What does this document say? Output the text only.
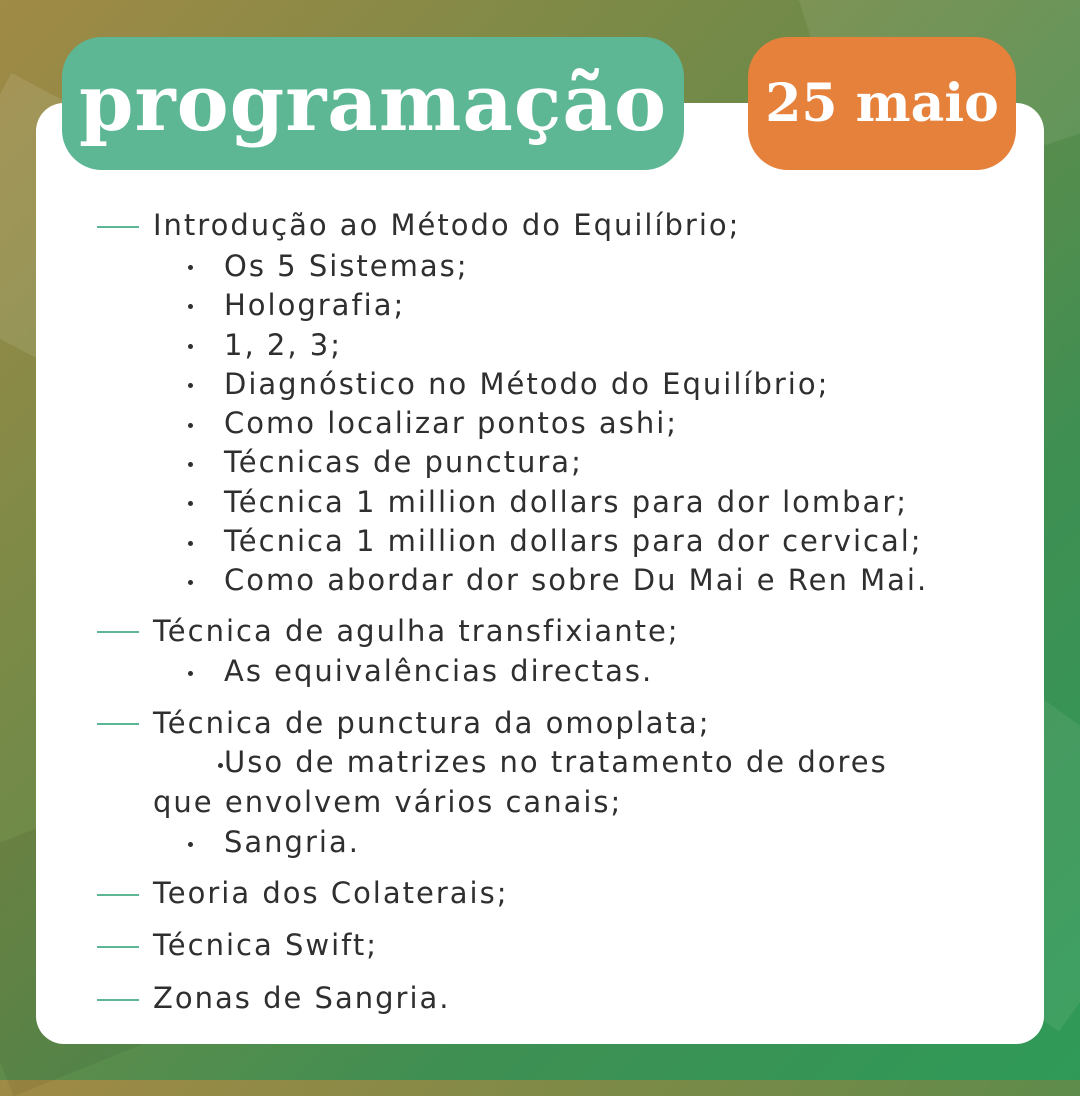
programação 25 maio
Introdução ao Método do Equilíbrio;
Os 5 Sistemas;
Holografia;
1, 2, 3;
Diagnóstico no Método do Equilíbrio;
Como localizar pontos ashi;
Técnicas de punctura;
Técnica 1 million dollars para dor lombar;
Técnica 1 million dollars para dor cervical;
Como abordar dor sobre Du Mai e Ren Mai.
Técnica de agulha transfixiante;
As equivalências directas.
Técnica de punctura da omoplata;
Uso de matrizes no tratamento de dores
que envolvem vários canais;
Sangria.
Teoria dos Colaterais;
Técnica Swift;
Zonas de Sangria.
